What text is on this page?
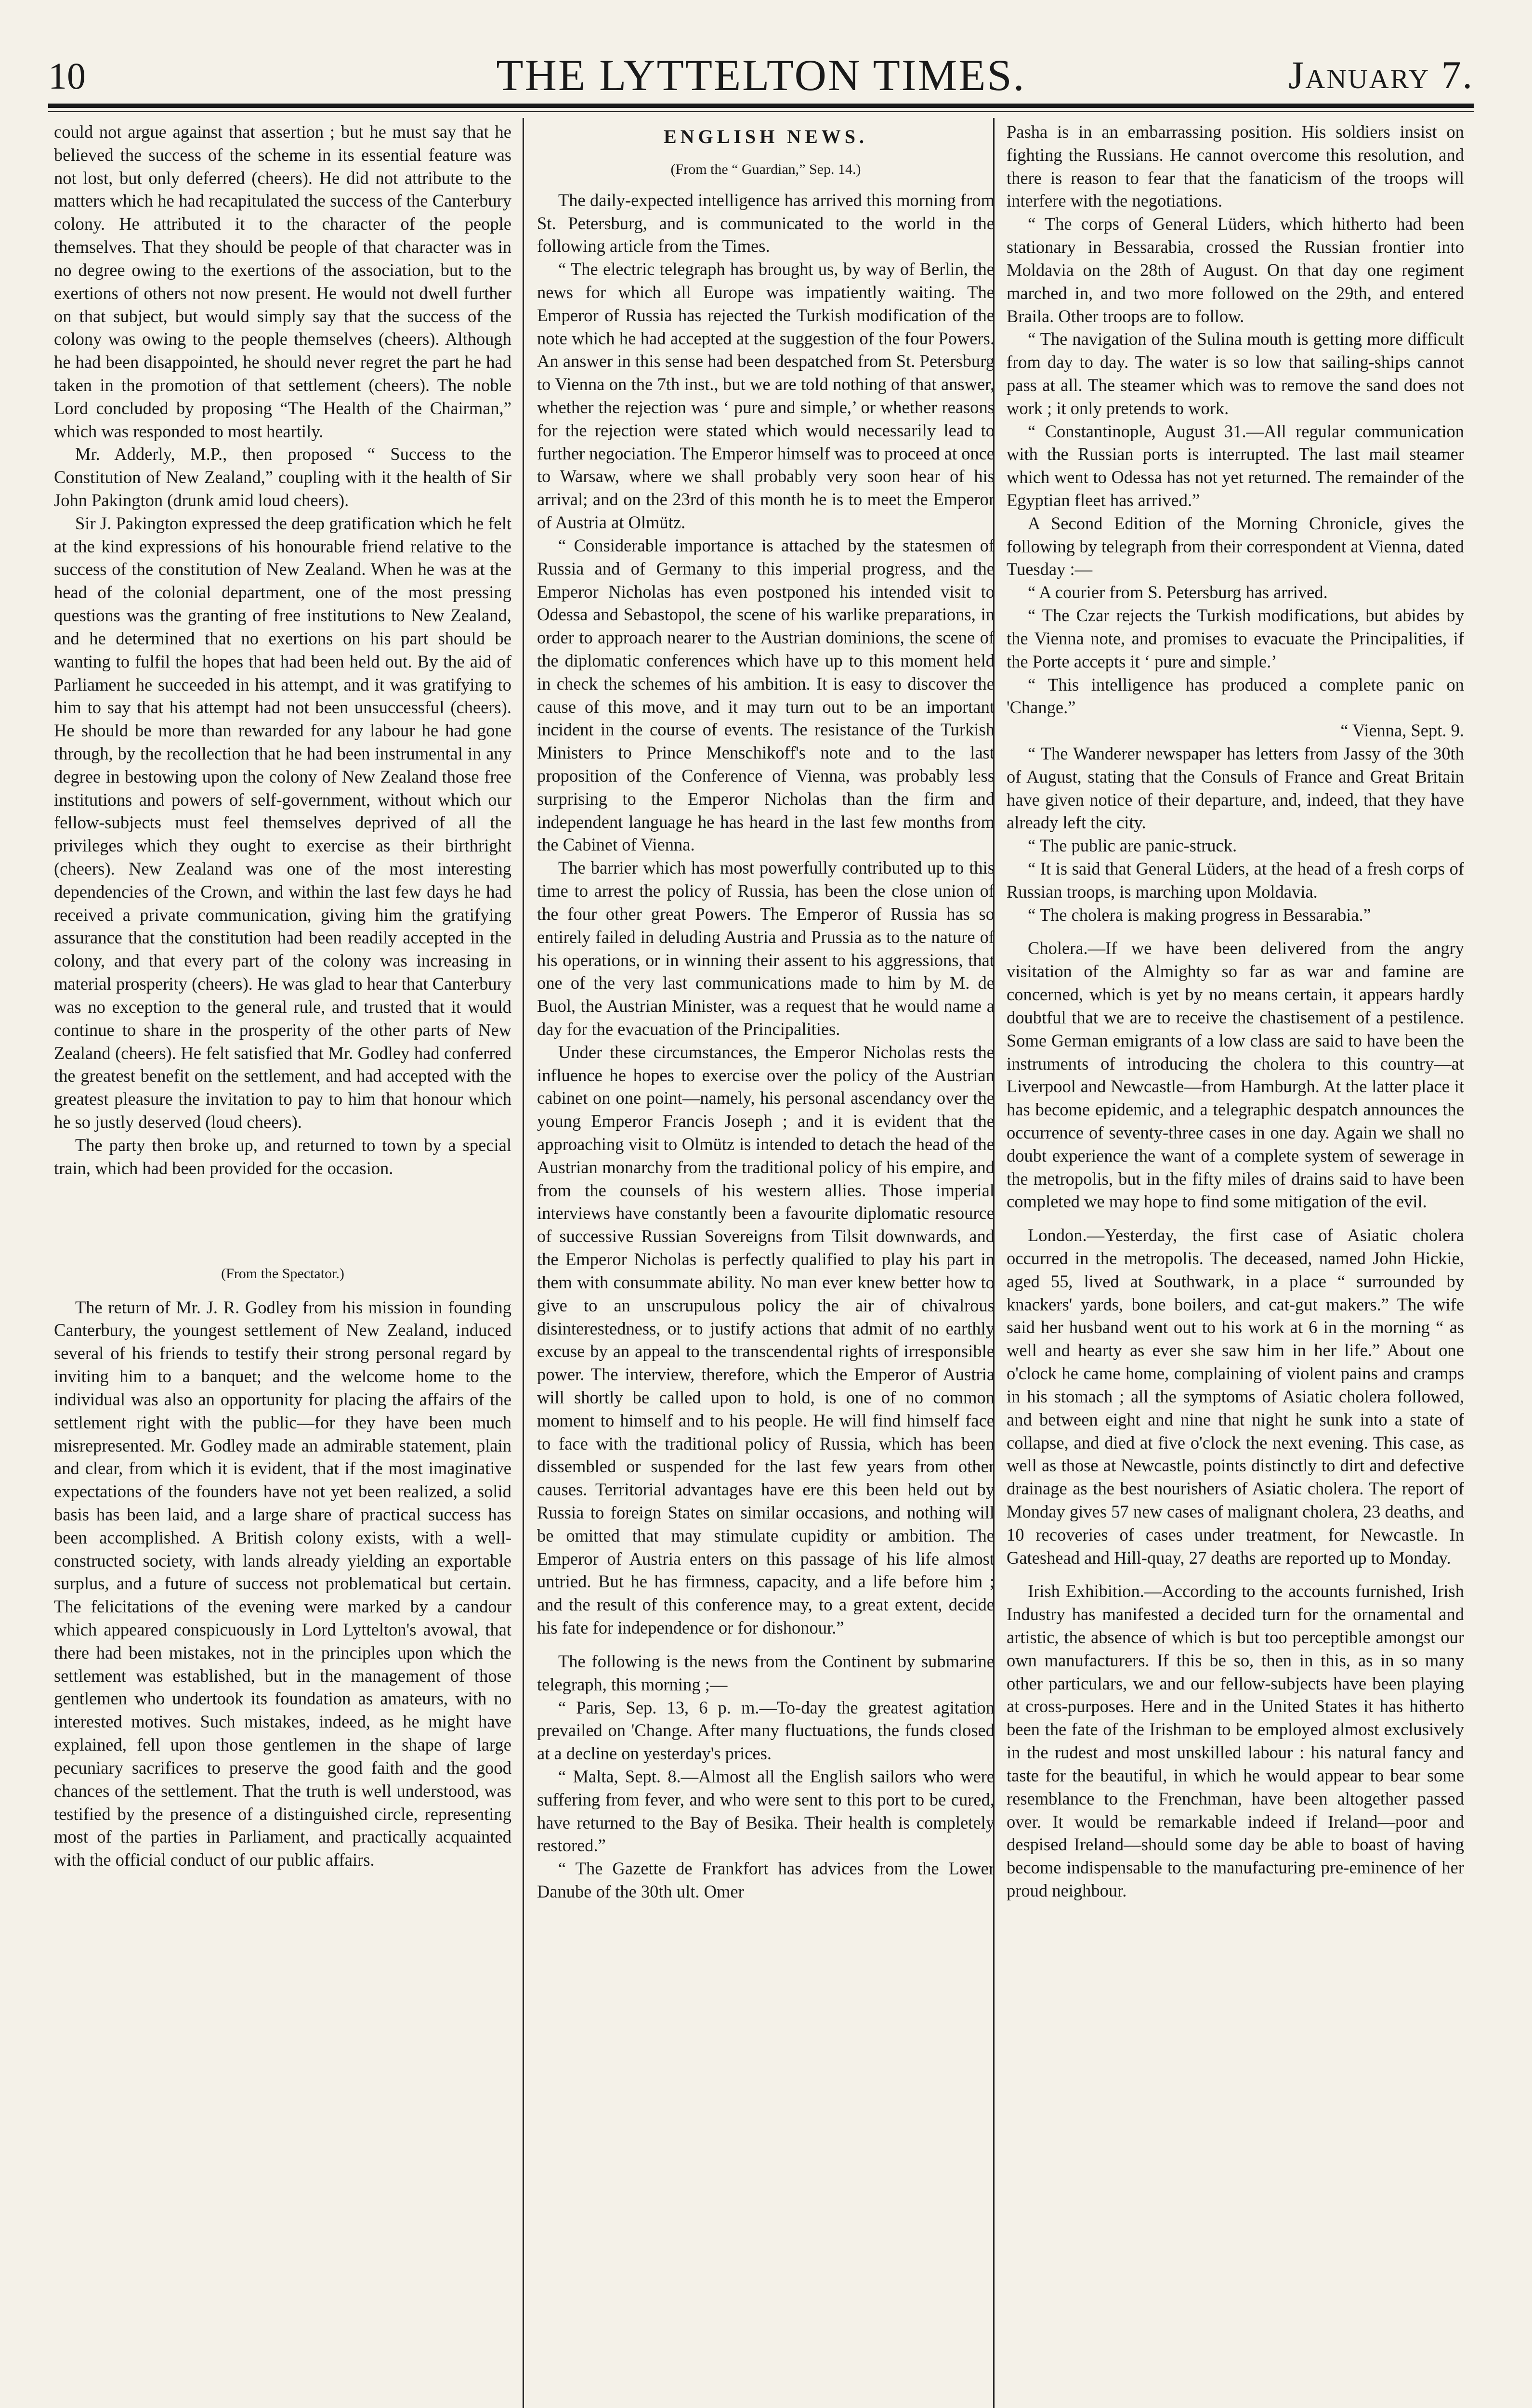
10	THE LYTTELTON TIMES.	January 7.

could not argue against that assertion ; but he must say that he believed the success of the scheme in its essential feature was not lost, but only deferred (cheers). He did not attribute to the matters which he had recapitulated the success of the Canterbury colony. He attributed it to the character of the people themselves. That they should be people of that character was in no degree owing to the exertions of the association, but to the exertions of others not now present. He would not dwell further on that subject, but would simply say that the success of the colony was owing to the people themselves (cheers). Although he had been disappointed, he should never regret the part he had taken in the promotion of that settlement (cheers). The noble Lord concluded by proposing “The Health of the Chairman,” which was responded to most heartily.

Mr. Adderly, M.P., then proposed “ Success to the Constitution of New Zealand,” coupling with it the health of Sir John Pakington (drunk amid loud cheers).

Sir J. Pakington expressed the deep gratification which he felt at the kind expressions of his honourable friend relative to the success of the constitution of New Zealand. When he was at the head of the colonial department, one of the most pressing questions was the granting of free institutions to New Zealand, and he determined that no exertions on his part should be wanting to fulfil the hopes that had been held out. By the aid of Parliament he succeeded in his attempt, and it was gratifying to him to say that his attempt had not been unsuccessful (cheers). He should be more than rewarded for any labour he had gone through, by the recollection that he had been instrumental in any degree in bestowing upon the colony of New Zealand those free institutions and powers of self-government, without which our fellow-subjects must feel themselves deprived of all the privileges which they ought to exercise as their birthright (cheers). New Zealand was one of the most interesting dependencies of the Crown, and within the last few days he had received a private communication, giving him the gratifying assurance that the constitution had been readily accepted in the colony, and that every part of the colony was increasing in material prosperity (cheers). He was glad to hear that Canterbury was no exception to the general rule, and trusted that it would continue to share in the prosperity of the other parts of New Zealand (cheers). He felt satisfied that Mr. Godley had conferred the greatest benefit on the settlement, and had accepted with the greatest pleasure the invitation to pay to him that honour which he so justly deserved (loud cheers).

The party then broke up, and returned to town by a special train, which had been provided for the occasion.

(From the Spectator.)

The return of Mr. J. R. Godley from his mission in founding Canterbury, the youngest settlement of New Zealand, induced several of his friends to testify their strong personal regard by inviting him to a banquet; and the welcome home to the individual was also an opportunity for placing the affairs of the settlement right with the public—for they have been much misrepresented. Mr. Godley made an admirable statement, plain and clear, from which it is evident, that if the most imaginative expectations of the founders have not yet been realized, a solid basis has been laid, and a large share of practical success has been accomplished. A British colony exists, with a well-constructed society, with lands already yielding an exportable surplus, and a future of success not problematical but certain. The felicitations of the evening were marked by a candour which appeared conspicuously in Lord Lyttelton's avowal, that there had been mistakes, not in the principles upon which the settlement was established, but in the management of those gentlemen who undertook its foundation as amateurs, with no interested motives. Such mistakes, indeed, as he might have explained, fell upon those gentlemen in the shape of large pecuniary sacrifices to preserve the good faith and the good chances of the settlement. That the truth is well understood, was testified by the presence of a distinguished circle, representing most of the parties in Parliament, and practically acquainted with the official conduct of our public affairs.

ENGLISH NEWS.

(From the “ Guardian,” Sep. 14.)

The daily-expected intelligence has arrived this morning from St. Petersburg, and is communicated to the world in the following article from the Times.

“ The electric telegraph has brought us, by way of Berlin, the news for which all Europe was impatiently waiting. The Emperor of Russia has rejected the Turkish modification of the note which he had accepted at the suggestion of the four Powers. An answer in this sense had been despatched from St. Petersburg to Vienna on the 7th inst., but we are told nothing of that answer, whether the rejection was ‘ pure and simple,’ or whether reasons for the rejection were stated which would necessarily lead to further negociation. The Emperor himself was to proceed at once to Warsaw, where we shall probably very soon hear of his arrival; and on the 23rd of this month he is to meet the Emperor of Austria at Olmütz.

“ Considerable importance is attached by the statesmen of Russia and of Germany to this imperial progress, and the Emperor Nicholas has even postponed his intended visit to Odessa and Sebastopol, the scene of his warlike preparations, in order to approach nearer to the Austrian dominions, the scene of the diplomatic conferences which have up to this moment held in check the schemes of his ambition. It is easy to discover the cause of this move, and it may turn out to be an important incident in the course of events. The resistance of the Turkish Ministers to Prince Menschikoff's note and to the last proposition of the Conference of Vienna, was probably less surprising to the Emperor Nicholas than the firm and independent language he has heard in the last few months from the Cabinet of Vienna.

The barrier which has most powerfully contributed up to this time to arrest the policy of Russia, has been the close union of the four other great Powers. The Emperor of Russia has so entirely failed in deluding Austria and Prussia as to the nature of his operations, or in winning their assent to his aggressions, that one of the very last communications made to him by M. de Buol, the Austrian Minister, was a request that he would name a day for the evacuation of the Principalities.

Under these circumstances, the Emperor Nicholas rests the influence he hopes to exercise over the policy of the Austrian cabinet on one point—namely, his personal ascendancy over the young Emperor Francis Joseph ; and it is evident that the approaching visit to Olmütz is intended to detach the head of the Austrian monarchy from the traditional policy of his empire, and from the counsels of his western allies. Those imperial interviews have constantly been a favourite diplomatic resource of successive Russian Sovereigns from Tilsit downwards, and the Emperor Nicholas is perfectly qualified to play his part in them with consummate ability. No man ever knew better how to give to an unscrupulous policy the air of chivalrous disinterestedness, or to justify actions that admit of no earthly excuse by an appeal to the transcendental rights of irresponsible power. The interview, therefore, which the Emperor of Austria will shortly be called upon to hold, is one of no common moment to himself and to his people. He will find himself face to face with the traditional policy of Russia, which has been dissembled or suspended for the last few years from other causes. Territorial advantages have ere this been held out by Russia to foreign States on similar occasions, and nothing will be omitted that may stimulate cupidity or ambition. The Emperor of Austria enters on this passage of his life almost untried. But he has firmness, capacity, and a life before him ; and the result of this conference may, to a great extent, decide his fate for independence or for dishonour.”

The following is the news from the Continent by submarine telegraph, this morning ;—

“ Paris, Sep. 13, 6 p. m.—To-day the greatest agitation prevailed on 'Change. After many fluctuations, the funds closed at a decline on yesterday's prices.

“ Malta, Sept. 8.—Almost all the English sailors who were suffering from fever, and who were sent to this port to be cured, have returned to the Bay of Besika. Their health is completely restored.”

“ The Gazette de Frankfort has advices from the Lower Danube of the 30th ult. Omer

Pasha is in an embarrassing position. His soldiers insist on fighting the Russians. He cannot overcome this resolution, and there is reason to fear that the fanaticism of the troops will interfere with the negotiations.

“ The corps of General Lüders, which hitherto had been stationary in Bessarabia, crossed the Russian frontier into Moldavia on the 28th of August. On that day one regiment marched in, and two more followed on the 29th, and entered Braila. Other troops are to follow.

“ The navigation of the Sulina mouth is getting more difficult from day to day. The water is so low that sailing-ships cannot pass at all. The steamer which was to remove the sand does not work ; it only pretends to work.

“ Constantinople, August 31.—All regular communication with the Russian ports is interrupted. The last mail steamer which went to Odessa has not yet returned. The remainder of the Egyptian fleet has arrived.”

A Second Edition of the Morning Chronicle, gives the following by telegraph from their correspondent at Vienna, dated Tuesday :—

“ A courier from S. Petersburg has arrived.

“ The Czar rejects the Turkish modifications, but abides by the Vienna note, and promises to evacuate the Principalities, if the Porte accepts it ‘ pure and simple.’

“ This intelligence has produced a complete panic on 'Change.”

“ Vienna, Sept. 9.

“ The Wanderer newspaper has letters from Jassy of the 30th of August, stating that the Consuls of France and Great Britain have given notice of their departure, and, indeed, that they have already left the city.

“ The public are panic-struck.

“ It is said that General Lüders, at the head of a fresh corps of Russian troops, is marching upon Moldavia.

“ The cholera is making progress in Bessarabia.”

Cholera.—If we have been delivered from the angry visitation of the Almighty so far as war and famine are concerned, which is yet by no means certain, it appears hardly doubtful that we are to receive the chastisement of a pestilence. Some German emigrants of a low class are said to have been the instruments of introducing the cholera to this country—at Liverpool and Newcastle—from Hamburgh. At the latter place it has become epidemic, and a telegraphic despatch announces the occurrence of seventy-three cases in one day. Again we shall no doubt experience the want of a complete system of sewerage in the metropolis, but in the fifty miles of drains said to have been completed we may hope to find some mitigation of the evil.

London.—Yesterday, the first case of Asiatic cholera occurred in the metropolis. The deceased, named John Hickie, aged 55, lived at Southwark, in a place “ surrounded by knackers' yards, bone boilers, and cat-gut makers.” The wife said her husband went out to his work at 6 in the morning “ as well and hearty as ever she saw him in her life.” About one o'clock he came home, complaining of violent pains and cramps in his stomach ; all the symptoms of Asiatic cholera followed, and between eight and nine that night he sunk into a state of collapse, and died at five o'clock the next evening. This case, as well as those at Newcastle, points distinctly to dirt and defective drainage as the best nourishers of Asiatic cholera. The report of Monday gives 57 new cases of malignant cholera, 23 deaths, and 10 recoveries of cases under treatment, for Newcastle. In Gateshead and Hill-quay, 27 deaths are reported up to Monday.

Irish Exhibition.—According to the accounts furnished, Irish Industry has manifested a decided turn for the ornamental and artistic, the absence of which is but too perceptible amongst our own manufacturers. If this be so, then in this, as in so many other particulars, we and our fellow-subjects have been playing at cross-purposes. Here and in the United States it has hitherto been the fate of the Irishman to be employed almost exclusively in the rudest and most unskilled labour : his natural fancy and taste for the beautiful, in which he would appear to bear some resemblance to the Frenchman, have been altogether passed over. It would be remarkable indeed if Ireland—poor and despised Ireland—should some day be able to boast of having become indispensable to the manufacturing pre-eminence of her proud neighbour.
